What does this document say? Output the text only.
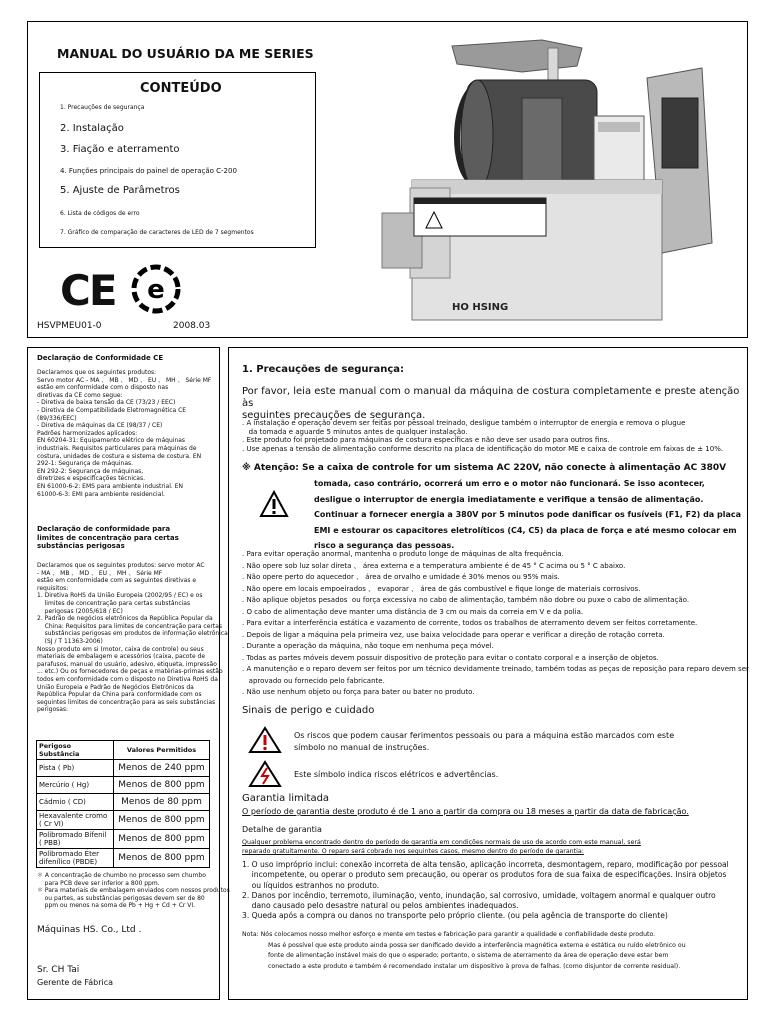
MANUAL DO USUÁRIO DA ME SERIES
CONTEÚDO
1. Precauções de segurança
2. Instalação
3. Fiação e aterramento
4. Funções principais do painel de operação C-200
5. Ajuste de Parâmetros
6. Lista de códigos de erro
7. Gráfico de comparação de caracteres de LED de 7 segmentos
CE e
HSVPMEU01-0	2008.03
HO HSING
Declaração de Conformidade CE
Declaramos que os seguintes produtos:
Servo motor AC - MA 、 MB 、 MD 、 EU 、 MH 、 Série MF
estão em conformidade com o disposto nas
diretivas da CE como segue:
- Diretiva de baixa tensão da CE (73/23 / EEC)
- Diretiva de Compatibilidade Eletromagnética CE
(89/336/EEC)
- Diretiva de máquinas da CE (98/37 / CE)
Padrões harmonizados aplicados:
EN 60204-31: Equipamento elétrico de máquinas
industriais. Requisitos particulares para máquinas de
costura, unidades de costura e sistema de costura. EN
292-1: Segurança de máquinas.
EN 292-2: Segurança de máquinas,
diretrizes e especificações técnicas.
EN 61000-6-2: EMS para ambiente industrial. EN
61000-6-3: EMI para ambiente residencial.
Declaração de conformidade para
limites de concentração para certas
substâncias perigosas
Declaramos que os seguintes produtos: servo motor AC
- MA 、 MB 、 MD 、 EU 、 MH 、 Série MF
estão em conformidade com as seguintes diretivas e
requisitos:
1. Diretiva RoHS da União Europeia (2002/95 / EC) e os
limites de concentração para certas substâncias
perigosas (2005/618 / EC)
2. Padrão de negócios eletrônicos da República Popular da
China: Requisitos para limites de concentração para certas
substâncias perigosas em produtos de informação eletrônica
(SJ / T 11363-2006)
Nosso produto em si (motor, caixa de controle) ou seus
materiais de embalagem e acessórios (caixa, pacote de
parafusos, manual do usuário, adesivo, etiqueta, impressão
... etc.) Ou os fornecedores de peças e matérias-primas estão
todos em conformidade com o disposto no Diretiva RoHS da
União Europeia e Padrão de Negócios Eletrônicos da
República Popular da China para conformidade com os
seguintes limites de concentração para as seis substâncias
perigosas:
Perigoso Substância	Valores Permitidos
Pista ( Pb)	Menos de 240 ppm
Mercúrio ( Hg)	Menos de 800 ppm
Cádmio ( CD)	Menos de 80 ppm
Hexavalente cromo ( Cr VI)	Menos de 800 ppm
Polibromado Bifenil ( PBB)	Menos de 800 ppm
Polibromado Éter difenílico (PBDE)	Menos de 800 ppm
＊ A concentração de chumbo no processo sem chumbo
para PCB deve ser inferior a 800 ppm.
＊ Para materiais de embalagem enviados com nossos produtos
ou partes, as substâncias perigosas devem ser de 80
ppm ou menos na soma de Pb + Hg + Cd + Cr VI.
Máquinas HS. Co., Ltd .
Sr. CH Tai
Gerente de Fábrica
1. Precauções de segurança:
Por favor, leia este manual com o manual da máquina de costura completamente e preste atenção às
seguintes precauções de segurança.
. A instalação e operação devem ser feitas por pessoal treinado, desligue também o interruptor de energia e remova o plugue
da tomada e aguarde 5 minutos antes de qualquer instalação.
. Este produto foi projetado para máquinas de costura específicas e não deve ser usado para outros fins.
. Use apenas a tensão de alimentação conforme descrito na placa de identificação do motor ME e caixa de controle em faixas de ± 10%.
※ Atenção: Se a caixa de controle for um sistema AC 220V, não conecte à alimentação AC 380V
tomada, caso contrário, ocorrerá um erro e o motor não funcionará. Se isso acontecer,
desligue o interruptor de energia imediatamente e verifique a tensão de alimentação.
Continuar a fornecer energia a 380V por 5 minutos pode danificar os fusíveis (F1, F2) da placa
EMI e estourar os capacitores eletrolíticos (C4, C5) da placa de força e até mesmo colocar em
risco a segurança das pessoas.
. Para evitar operação anormal, mantenha o produto longe de máquinas de alta frequência.
. Não opere sob luz solar direta 、 área externa e a temperatura ambiente é de 45 ° C acima ou 5 ° C abaixo.
. Não opere perto do aquecedor 、 área de orvalho e umidade é 30% menos ou 95% mais.
. Não opere em locais empoeirados 、 evaporar 、 área de gás combustível e fique longe de materiais corrosivos.
. Não aplique objetos pesados  ou força excessiva no cabo de alimentação, também não dobre ou puxe o cabo de alimentação.
. O cabo de alimentação deve manter uma distância de 3 cm ou mais da correia em V e da polia.
. Para evitar a interferência estática e vazamento de corrente, todos os trabalhos de aterramento devem ser feitos corretamente.
. Depois de ligar a máquina pela primeira vez, use baixa velocidade para operar e verificar a direção de rotação correta.
. Durante a operação da máquina, não toque em nenhuma peça móvel.
. Todas as partes móveis devem possuir dispositivo de proteção para evitar o contato corporal e a inserção de objetos.
. A manutenção e o reparo devem ser feitos por um técnico devidamente treinado, também todas as peças de reposição para reparo devem ser
aprovado ou fornecido pelo fabricante.
. Não use nenhum objeto ou força para bater ou bater no produto.
Sinais de perigo e cuidado
Os riscos que podem causar ferimentos pessoais ou para a máquina estão marcados com este
símbolo no manual de instruções.
Este símbolo indica riscos elétricos e advertências.
Garantia limitada
O período de garantia deste produto é de 1 ano a partir da compra ou 18 meses a partir da data de fabricação.
Detalhe de garantia
Qualquer problema encontrado dentro do período de garantia em condições normais de uso de acordo com este manual, será
reparado gratuitamente. O reparo será cobrado nos seguintes casos, mesmo dentro do período de garantia:
1. O uso impróprio inclui: conexão incorreta de alta tensão, aplicação incorreta, desmontagem, reparo, modificação por pessoal
incompetente, ou operar o produto sem precaução, ou operar os produtos fora de sua faixa de especificações. Insira objetos
ou líquidos estranhos no produto.
2. Danos por incêndio, terremoto, iluminação, vento, inundação, sal corrosivo, umidade, voltagem anormal e qualquer outro
dano causado pelo desastre natural ou pelos ambientes inadequados.
3. Queda após a compra ou danos no transporte pelo próprio cliente. (ou pela agência de transporte do cliente)
Nota: Nós colocamos nosso melhor esforço e mente em testes e fabricação para garantir a qualidade e confiabilidade deste produto.
Mas é possível que este produto ainda possa ser danificado devido a interferência magnética externa e estática ou ruído eletrônico ou
fonte de alimentação instável mais do que o esperado; portanto, o sistema de aterramento da área de operação deve estar bem
conectado a este produto e também é recomendado instalar um dispositivo à prova de falhas. (como disjuntor de corrente residual).
